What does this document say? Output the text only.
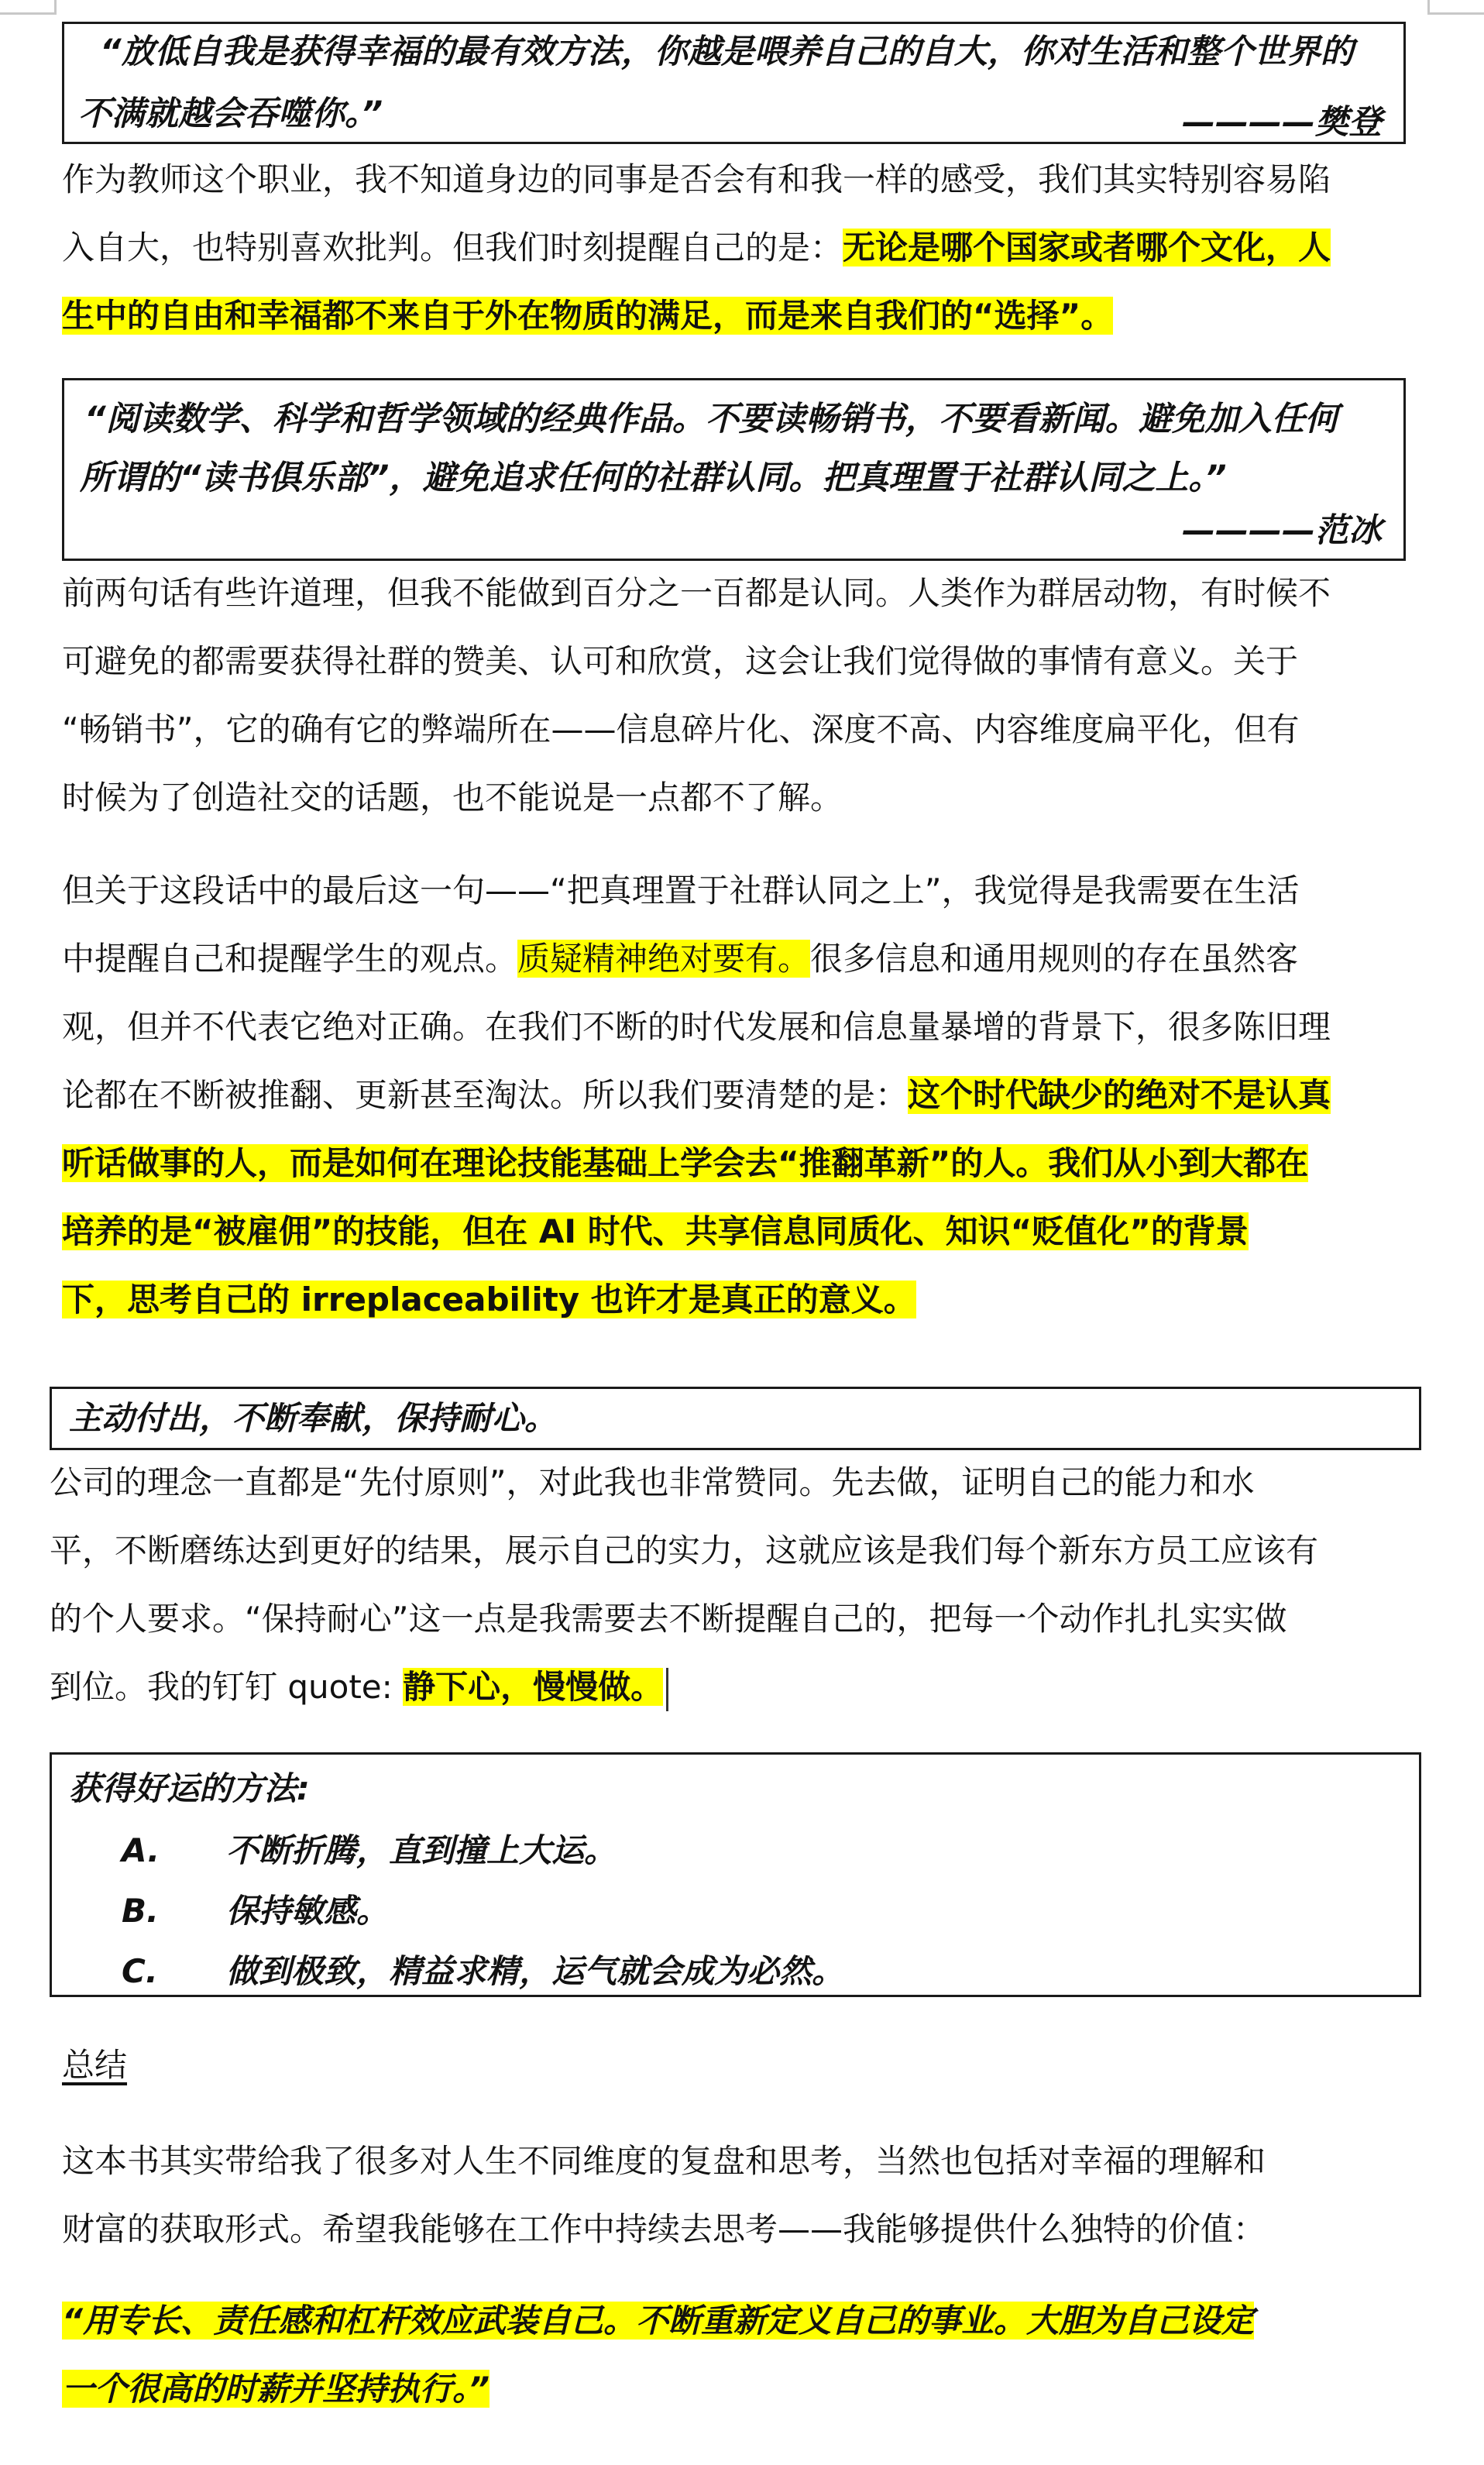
“放低自我是获得幸福的最有效方法，你越是喂养自己的自大，你对生活和整个世界的
不满就越会吞噬你。”	————樊登
作为教师这个职业，我不知道身边的同事是否会有和我一样的感受，我们其实特别容易陷
入自大，也特别喜欢批判。但我们时刻提醒自己的是：无论是哪个国家或者哪个文化，人
生中的自由和幸福都不来自于外在物质的满足，而是来自我们的“选择”。
“阅读数学、科学和哲学领域的经典作品。不要读畅销书，不要看新闻。避免加入任何
所谓的“读书俱乐部”，避免追求任何的社群认同。把真理置于社群认同之上。”
————范冰
前两句话有些许道理，但我不能做到百分之一百都是认同。人类作为群居动物，有时候不
可避免的都需要获得社群的赞美、认可和欣赏，这会让我们觉得做的事情有意义。关于
“畅销书”，它的确有它的弊端所在——信息碎片化、深度不高、内容维度扁平化，但有
时候为了创造社交的话题，也不能说是一点都不了解。
但关于这段话中的最后这一句——“把真理置于社群认同之上”，我觉得是我需要在生活
中提醒自己和提醒学生的观点。质疑精神绝对要有。很多信息和通用规则的存在虽然客
观，但并不代表它绝对正确。在我们不断的时代发展和信息量暴增的背景下，很多陈旧理
论都在不断被推翻、更新甚至淘汰。所以我们要清楚的是：这个时代缺少的绝对不是认真
听话做事的人，而是如何在理论技能基础上学会去“推翻革新”的人。我们从小到大都在
培养的是“被雇佣”的技能，但在 AI 时代、共享信息同质化、知识“贬值化”的背景
下，思考自己的 irreplaceability 也许才是真正的意义。
主动付出，不断奉献，保持耐心。
公司的理念一直都是“先付原则”，对此我也非常赞同。先去做，证明自己的能力和水
平，不断磨练达到更好的结果，展示自己的实力，这就应该是我们每个新东方员工应该有
的个人要求。“保持耐心”这一点是我需要去不断提醒自己的，把每一个动作扎扎实实做
到位。我的钉钉 quote: 静下心，慢慢做。
获得好运的方法:
A. 不断折腾，直到撞上大运。
B. 保持敏感。
C. 做到极致，精益求精，运气就会成为必然。
总结
这本书其实带给我了很多对人生不同维度的复盘和思考，当然也包括对幸福的理解和
财富的获取形式。希望我能够在工作中持续去思考——我能够提供什么独特的价值：
“用专长、责任感和杠杆效应武装自己。不断重新定义自己的事业。大胆为自己设定
一个很高的时薪并坚持执行。”
